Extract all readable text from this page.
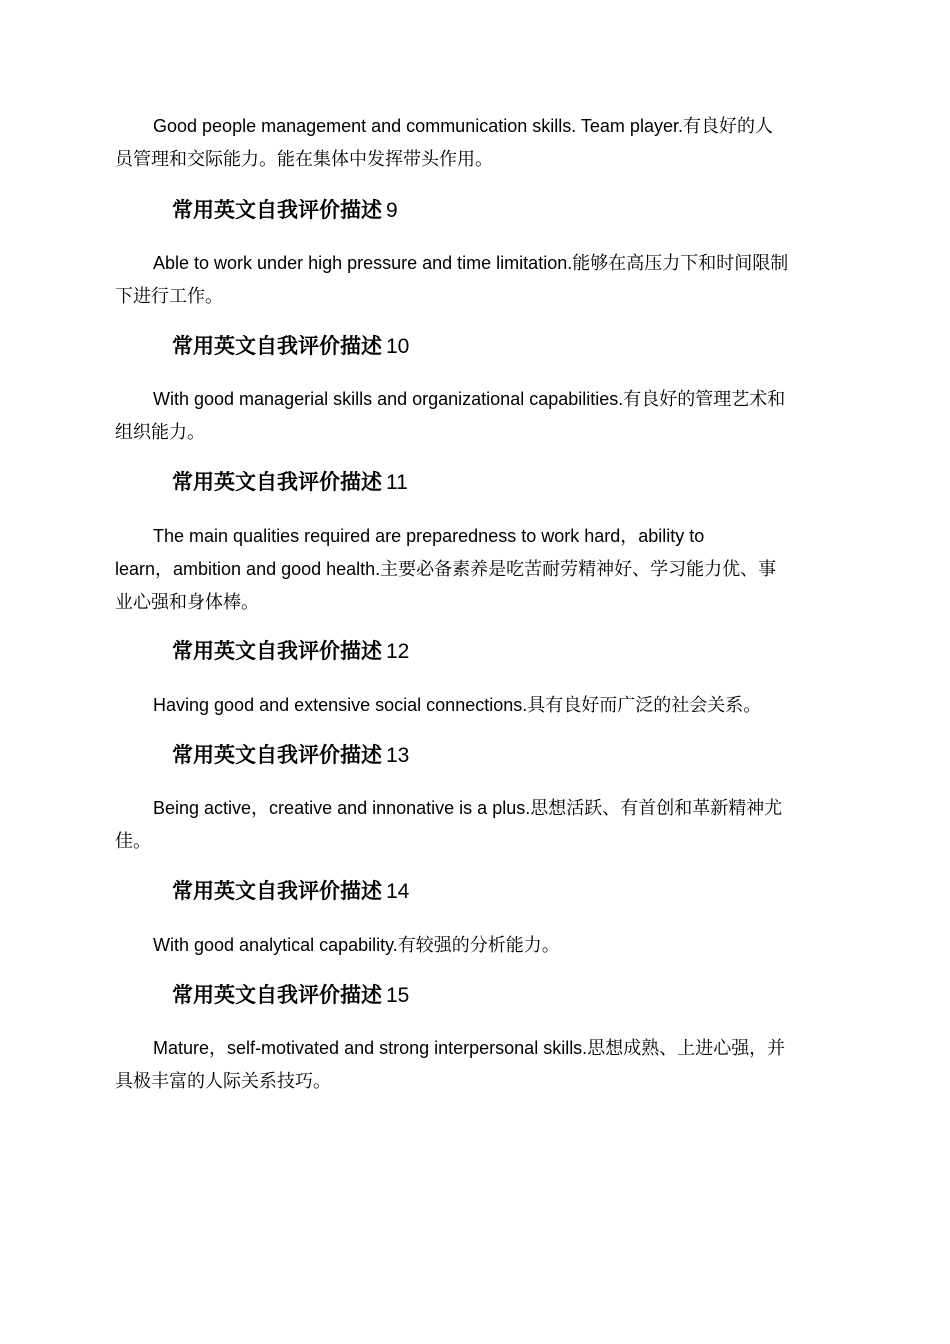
Good people management and communication skills. Team player.有良好的人
员管理和交际能力。能在集体中发挥带头作用。

常用英文自我评价描述 9

Able to work under high pressure and time limitation.能够在高压力下和时间限制
下进行工作。

常用英文自我评价描述 10

With good managerial skills and organizational capabilities.有良好的管理艺术和
组织能力。

常用英文自我评价描述 11

The main qualities required are preparedness to work hard，ability to
learn，ambition and good health.主要必备素养是吃苦耐劳精神好、学习能力优、事
业心强和身体棒。

常用英文自我评价描述 12

Having good and extensive social connections.具有良好而广泛的社会关系。

常用英文自我评价描述 13

Being active，creative and innonative is a plus.思想活跃、有首创和革新精神尤
佳。

常用英文自我评价描述 14

With good analytical capability.有较强的分析能力。

常用英文自我评价描述 15

Mature，self-motivated and strong interpersonal skills.思想成熟、上进心强，并
具极丰富的人际关系技巧。
